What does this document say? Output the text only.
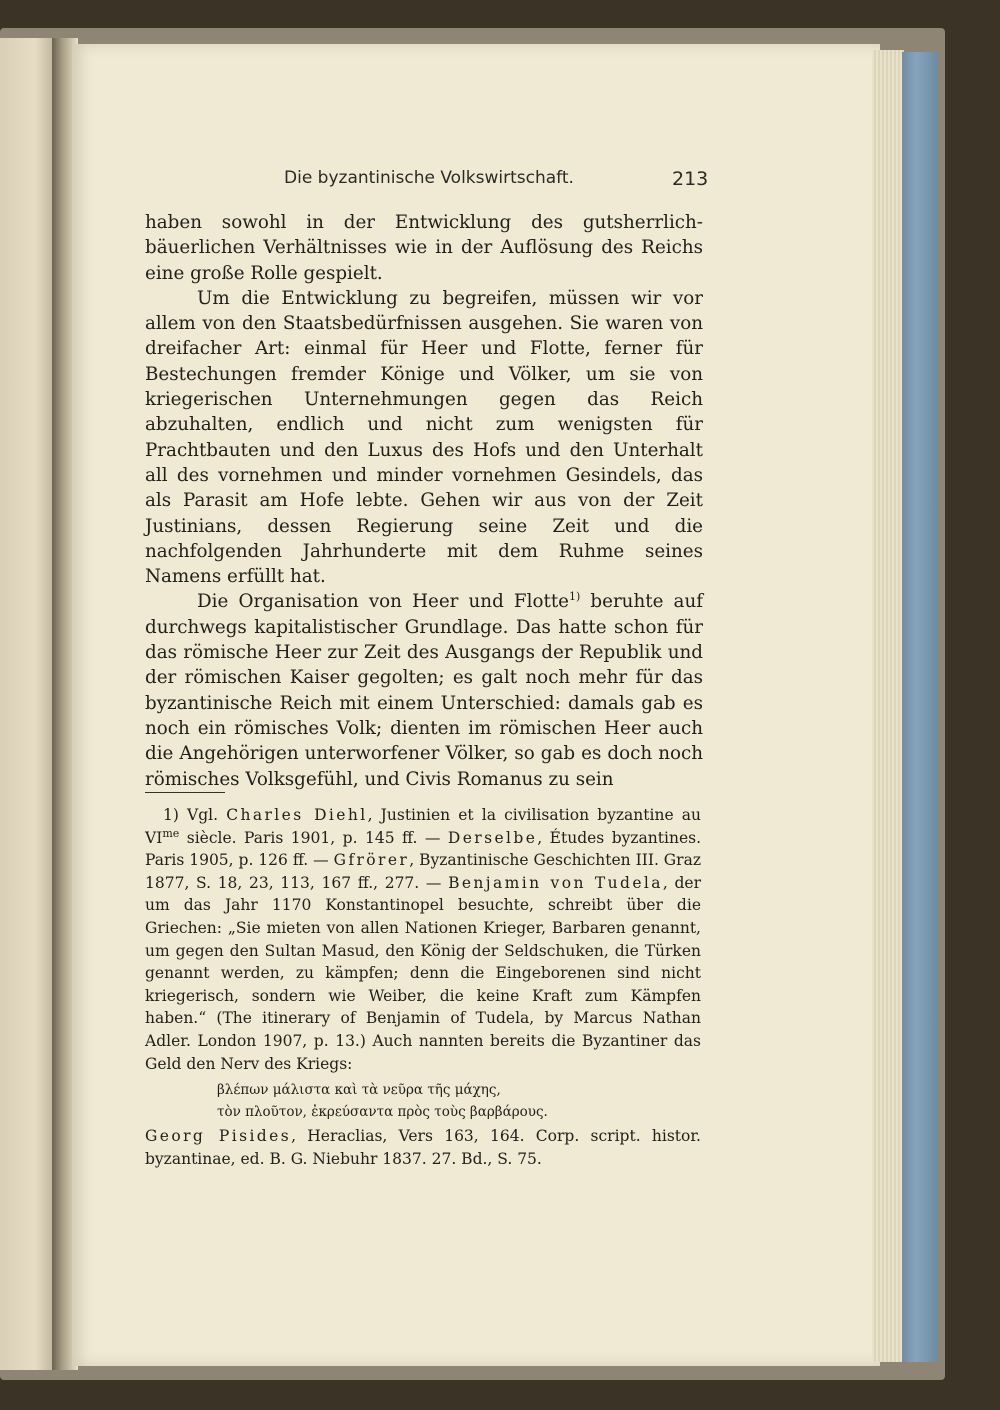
Die byzantinische Volkswirtschaft.	213

haben sowohl in der Entwicklung des gutsherrlich-bäuerlichen Verhältnisses wie in der Auflösung des Reichs eine große Rolle gespielt.

Um die Entwicklung zu begreifen, müssen wir vor allem von den Staatsbedürfnissen ausgehen. Sie waren von dreifacher Art: einmal für Heer und Flotte, ferner für Bestechungen fremder Könige und Völker, um sie von kriegerischen Unternehmungen gegen das Reich abzuhalten, endlich und nicht zum wenigsten für Prachtbauten und den Luxus des Hofs und den Unterhalt all des vornehmen und minder vornehmen Gesindels, das als Parasit am Hofe lebte. Gehen wir aus von der Zeit Justinians, dessen Regierung seine Zeit und die nachfolgenden Jahrhunderte mit dem Ruhme seines Namens erfüllt hat.

Die Organisation von Heer und Flotte$^{1)}$ beruhte auf durchwegs kapitalistischer Grundlage. Das hatte schon für das römische Heer zur Zeit des Ausgangs der Republik und der römischen Kaiser gegolten; es galt noch mehr für das byzantinische Reich mit einem Unterschied: damals gab es noch ein römisches Volk; dienten im römischen Heer auch die Angehörigen unterworfener Völker, so gab es doch noch römisches Volksgefühl, und Civis Romanus zu sein

1) Vgl. Charles Diehl, Justinien et la civilisation byzantine au $VI^{me}$ siècle. Paris 1901, p. 145 ff. — Derselbe, Études byzantines. Paris 1905, p. 126 ff. — Gfrörer, Byzantinische Geschichten III. Graz 1877, S. 18, 23, 113, 167 ff., 277. — Benjamin von Tudela, der um das Jahr 1170 Konstantinopel besuchte, schreibt über die Griechen: „Sie mieten von allen Nationen Krieger, Barbaren genannt, um gegen den Sultan Masud, den König der Seldschuken, die Türken genannt werden, zu kämpfen; denn die Eingeborenen sind nicht kriegerisch, sondern wie Weiber, die keine Kraft zum Kämpfen haben.“ (The itinerary of Benjamin of Tudela, by Marcus Nathan Adler. London 1907, p. 13.) Auch nannten bereits die Byzantiner das Geld den Nerv des Kriegs:

βλέπων μάλιστα καὶ τὰ νεῦρα τῆς μάχης,
τὸν πλοῦτον, ἐκρεύσαντα πρὸς τοὺς βαρβάρους.

Georg Pisides, Heraclias, Vers 163, 164. Corp. script. histor. byzantinae, ed. B. G. Niebuhr 1837. 27. Bd., S. 75.
